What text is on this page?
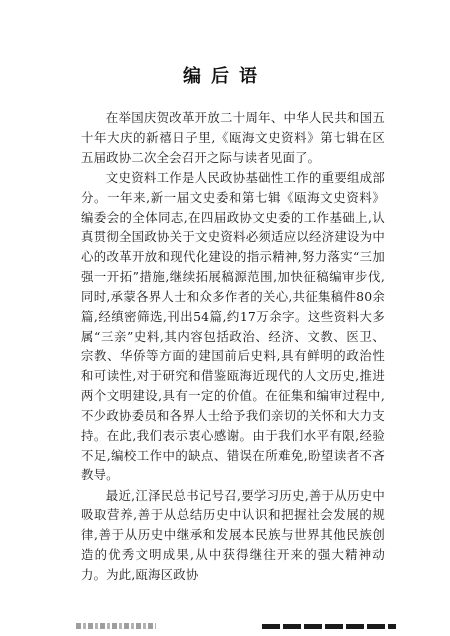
编后语

在举国庆贺改革开放二十周年、中华人民共和国五十年大庆的新禧日子里,《瓯海文史资料》第七辑在区五届政协二次全会召开之际与读者见面了。

文史资料工作是人民政协基础性工作的重要组成部分。一年来,新一届文史委和第七辑《瓯海文史资料》编委会的全体同志,在四届政协文史委的工作基础上,认真贯彻全国政协关于文史资料必须适应以经济建设为中心的改革开放和现代化建设的指示精神,努力落实“三加强一开拓”措施,继续拓展稿源范围,加快征稿编审步伐,同时,承蒙各界人士和众多作者的关心,共征集稿件80余篇,经缜密筛选,刊出54篇,约17万余字。这些资料大多属“三亲”史料,其内容包括政治、经济、文教、医卫、宗教、华侨等方面的建国前后史料,具有鲜明的政治性和可读性,对于研究和借鉴瓯海近现代的人文历史,推进两个文明建设,具有一定的价值。在征集和编审过程中,不少政协委员和各界人士给予我们亲切的关怀和大力支持。在此,我们表示衷心感谢。由于我们水平有限,经验不足,编校工作中的缺点、错误在所难免,盼望读者不吝教导。

最近,江泽民总书记号召,要学习历史,善于从历史中吸取营养,善于从总结历史中认识和把握社会发展的规律,善于从历史中继承和发展本民族与世界其他民族创造的优秀文明成果,从中获得继往开来的强大精神动力。为此,瓯海区政协
